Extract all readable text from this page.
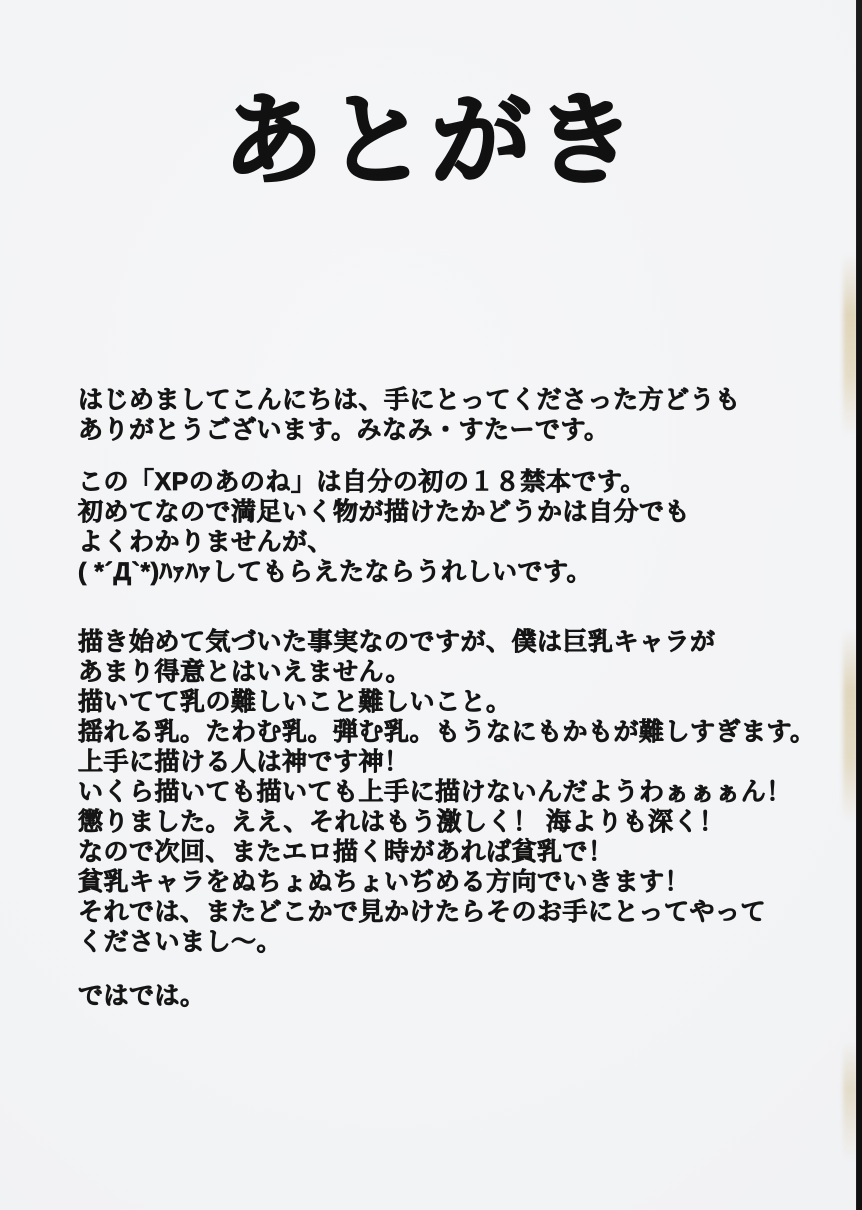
あとがき
はじめましてこんにちは、手にとってくださった方どうも
ありがとうございます。みなみ・すたーです。
この「XPのあのね」は自分の初の１８禁本です。
初めてなので満足いく物が描けたかどうかは自分でも
よくわかりませんが、
( *´Д`*)ﾊｧﾊｧしてもらえたならうれしいです。
描き始めて気づいた事実なのですが、僕は巨乳キャラが
あまり得意とはいえません。
描いてて乳の難しいこと難しいこと。
揺れる乳。たわむ乳。弾む乳。もうなにもかもが難しすぎます。
上手に描ける人は神です神！
いくら描いても描いても上手に描けないんだようわぁぁぁん！
懲りました。ええ、それはもう激しく！ 海よりも深く！
なので次回、またエロ描く時があれば貧乳で！
貧乳キャラをぬちょぬちょいぢめる方向でいきます！
それでは、またどこかで見かけたらそのお手にとってやって
くださいまし～。
ではでは。
